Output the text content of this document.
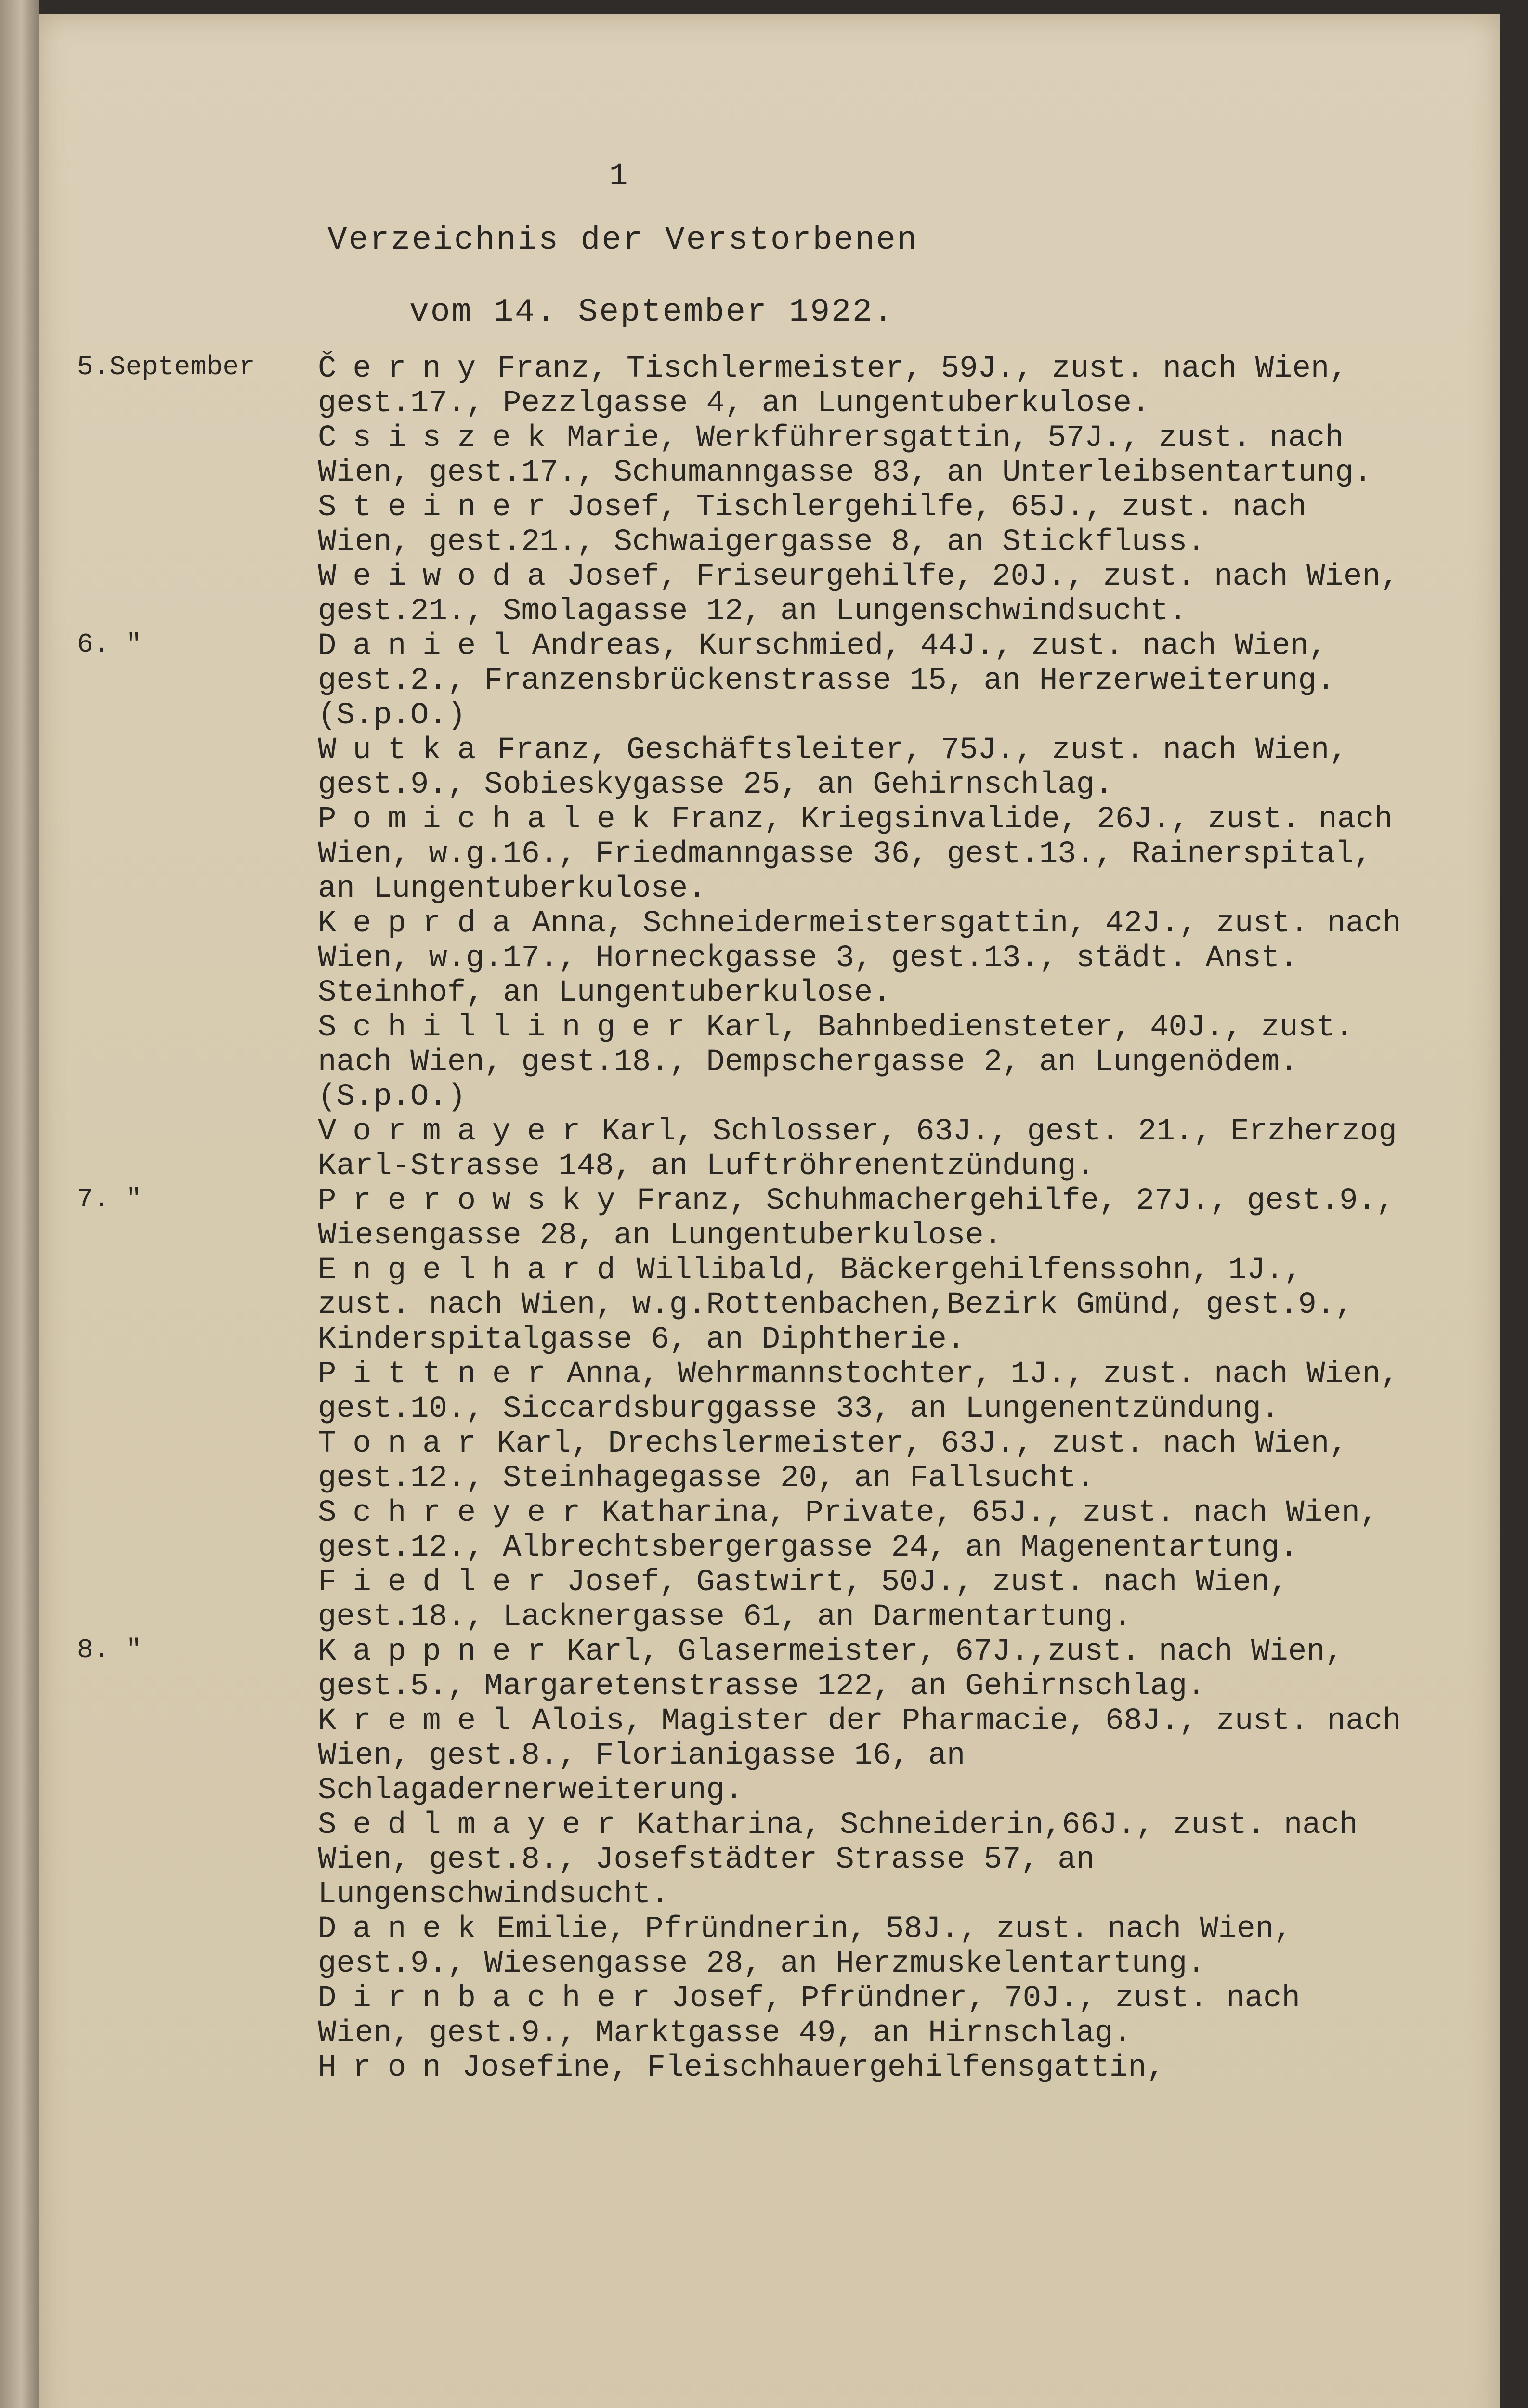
1
Verzeichnis der Verstorbenen
vom 14. September 1922.
5.September Černy Franz, Tischlermeister, 59J., zust. nach Wien, gest.17., Pezzlgasse 4, an Lungentuberkulose.
Csiszek Marie, Werkführersgattin, 57J., zust. nach Wien, gest.17., Schumanngasse 83, an Unterleibsentartung.
Steiner Josef, Tischlergehilfe, 65J., zust. nach Wien, gest.21., Schwaigergasse 8, an Stickfluss.
Weiwoda Josef, Friseurgehilfe, 20J., zust. nach Wien, gest.21., Smolagasse 12, an Lungenschwindsucht.
6. "	Daniel Andreas, Kurschmied, 44J., zust. nach Wien, gest.2., Franzensbrückenstrasse 15, an Herzerweiterung.(S.p.O.)
Wutka Franz, Geschäftsleiter, 75J., zust. nach Wien, gest.9., Sobieskygasse 25, an Gehirnschlag.
Pomichalek Franz, Kriegsinvalide, 26J., zust. nach Wien, w.g.16., Friedmanngasse 36, gest.13., Rainerspital, an Lungentuberkulose.
Keprda Anna, Schneidermeistersgattin, 42J., zust. nach Wien, w.g.17., Horneckgasse 3, gest.13., städt. Anst. Steinhof, an Lungentuberkulose.
Schillinger Karl, Bahnbediensteter, 40J., zust. nach Wien, gest.18., Dempschergasse 2, an Lungenödem.(S.p.O.)
Vormayer Karl, Schlosser, 63J., gest. 21., Erzherzog Karl-Strasse 148, an Luftröhrenentzündung.
7. "	Prerowsky Franz, Schuhmachergehilfe, 27J., gest.9., Wiesengasse 28, an Lungentuberkulose.
Engelhard Willibald, Bäckergehilfenssohn, 1J., zust. nach Wien, w.g.Rottenbachen,Bezirk Gmünd, gest.9., Kinderspitalgasse 6, an Diphtherie.
Pittner Anna, Wehrmannstochter, 1J., zust. nach Wien, gest.10., Siccardsburggasse 33, an Lungenentzündung.
Tonar Karl, Drechslermeister, 63J., zust. nach Wien, gest.12., Steinhagegasse 20, an Fallsucht.
Schreyer Katharina, Private, 65J., zust. nach Wien, gest.12., Albrechtsbergergasse 24, an Magenentartung.
Fiedler Josef, Gastwirt, 50J., zust. nach Wien, gest.18., Lacknergasse 61, an Darmentartung.
8. "	Kappner Karl, Glasermeister, 67J.,zust. nach Wien, gest.5., Margaretenstrasse 122, an Gehirnschlag.
Kremel Alois, Magister der Pharmacie, 68J., zust. nach Wien, gest.8., Florianigasse 16, an Schlagadernerweiterung.
Sedlmayer Katharina, Schneiderin,66J., zust. nach Wien, gest.8., Josefstädter Strasse 57, an Lungenschwindsucht.
Danek Emilie, Pfründnerin, 58J., zust. nach Wien, gest.9., Wiesengasse 28, an Herzmuskelentartung.
Dirnbacher Josef, Pfründner, 70J., zust. nach Wien, gest.9., Marktgasse 49, an Hirnschlag.
Hron Josefine, Fleischhauergehilfensgattin,
